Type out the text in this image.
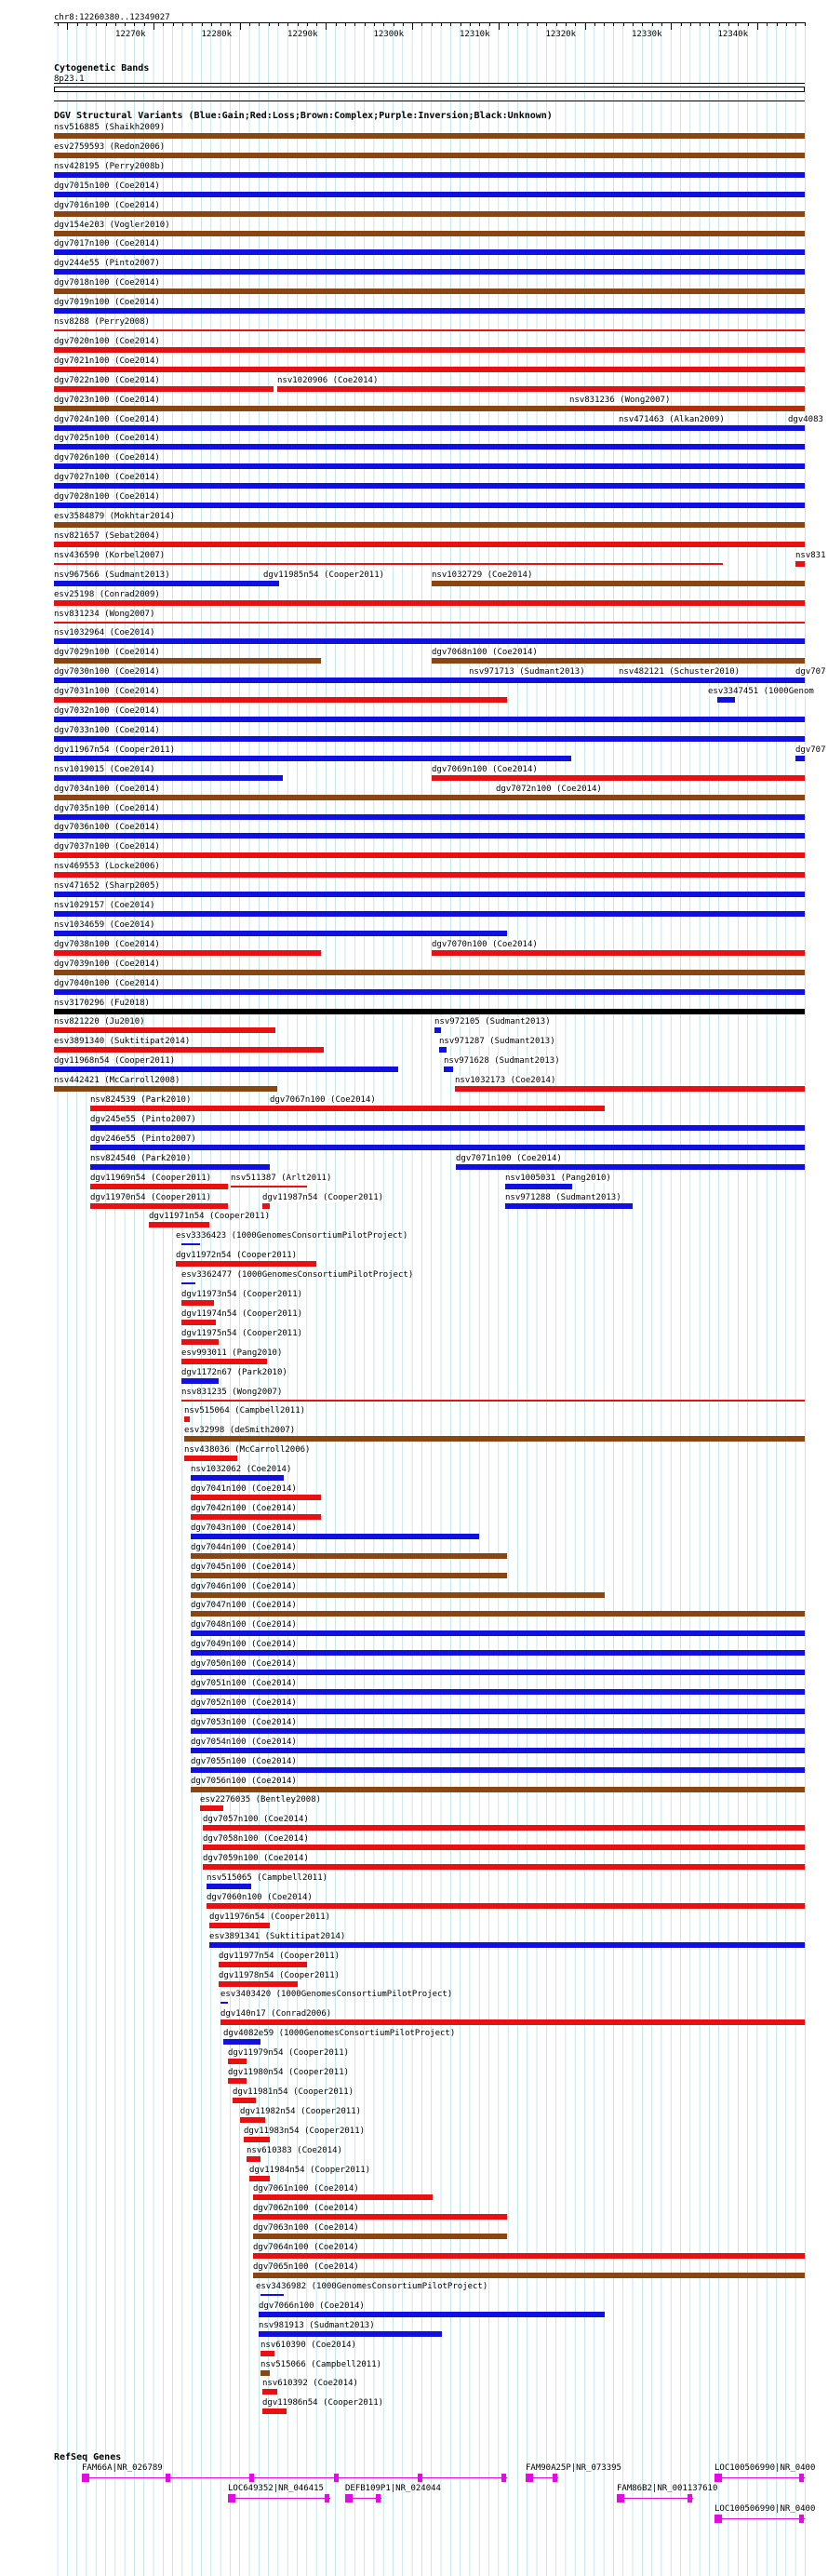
chr8:12260380..12349027
12270k	12280k	12290k	12300k	12310k	12320k	12330k	12340k
Cytogenetic Bands
8p23.1
DGV Structural Variants (Blue:Gain;Red:Loss;Brown:Complex;Purple:Inversion;Black:Unknown)
nsv516885 (Shaikh2009)
esv2759593 (Redon2006)
nsv428195 (Perry2008b)
dgv7015n100 (Coe2014)
dgv7016n100 (Coe2014)
dgv154e203 (Vogler2010)
dgv7017n100 (Coe2014)
dgv244e55 (Pinto2007)
dgv7018n100 (Coe2014)
dgv7019n100 (Coe2014)
nsv8288 (Perry2008)
dgv7020n100 (Coe2014)
dgv7021n100 (Coe2014)
dgv7022n100 (Coe2014)	nsv1020906 (Coe2014)
dgv7023n100 (Coe2014)	nsv831236 (Wong2007)
dgv7024n100 (Coe2014)	nsv471463 (Alkan2009)	dgv4083
dgv7025n100 (Coe2014)
dgv7026n100 (Coe2014)
dgv7027n100 (Coe2014)
dgv7028n100 (Coe2014)
esv3584879 (Mokhtar2014)
nsv821657 (Sebat2004)
nsv436590 (Korbel2007)	nsv831
nsv967566 (Sudmant2013)	dgv11985n54 (Cooper2011)	nsv1032729 (Coe2014)
esv25198 (Conrad2009)
nsv831234 (Wong2007)
nsv1032964 (Coe2014)
dgv7029n100 (Coe2014)	dgv7068n100 (Coe2014)
dgv7030n100 (Coe2014)	nsv971713 (Sudmant2013)	nsv482121 (Schuster2010)	dgv707
dgv7031n100 (Coe2014)	esv3347451 (1000Genom
dgv7032n100 (Coe2014)
dgv7033n100 (Coe2014)
dgv11967n54 (Cooper2011)	dgv707
nsv1019015 (Coe2014)	dgv7069n100 (Coe2014)
dgv7034n100 (Coe2014)	dgv7072n100 (Coe2014)
dgv7035n100 (Coe2014)
dgv7036n100 (Coe2014)
dgv7037n100 (Coe2014)
nsv469553 (Locke2006)
nsv471652 (Sharp2005)
nsv1029157 (Coe2014)
nsv1034659 (Coe2014)
dgv7038n100 (Coe2014)	dgv7070n100 (Coe2014)
dgv7039n100 (Coe2014)
dgv7040n100 (Coe2014)
nsv3170296 (Fu2018)
nsv821220 (Ju2010)	nsv972105 (Sudmant2013)
esv3891340 (Suktitipat2014)	nsv971287 (Sudmant2013)
dgv11968n54 (Cooper2011)	nsv971628 (Sudmant2013)
nsv442421 (McCarroll2008)	nsv1032173 (Coe2014)
nsv824539 (Park2010)	dgv7067n100 (Coe2014)
dgv245e55 (Pinto2007)
dgv246e55 (Pinto2007)
nsv824540 (Park2010)	dgv7071n100 (Coe2014)
dgv11969n54 (Cooper2011) nsv511387 (Arlt2011)	nsv1005031 (Pang2010)
dgv11970n54 (Cooper2011)	dgv11987n54 (Cooper2011)	nsv971288 (Sudmant2013)
dgv11971n54 (Cooper2011)
esv3336423 (1000GenomesConsortiumPilotProject)
dgv11972n54 (Cooper2011)
esv3362477 (1000GenomesConsortiumPilotProject)
dgv11973n54 (Cooper2011)
dgv11974n54 (Cooper2011)
dgv11975n54 (Cooper2011)
esv993011 (Pang2010)
dgv1172n67 (Park2010)
nsv831235 (Wong2007)
nsv515064 (Campbell2011)
esv32998 (deSmith2007)
nsv438036 (McCarroll2006)
nsv1032062 (Coe2014)
dgv7041n100 (Coe2014)
dgv7042n100 (Coe2014)
dgv7043n100 (Coe2014)
dgv7044n100 (Coe2014)
dgv7045n100 (Coe2014)
dgv7046n100 (Coe2014)
dgv7047n100 (Coe2014)
dgv7048n100 (Coe2014)
dgv7049n100 (Coe2014)
dgv7050n100 (Coe2014)
dgv7051n100 (Coe2014)
dgv7052n100 (Coe2014)
dgv7053n100 (Coe2014)
dgv7054n100 (Coe2014)
dgv7055n100 (Coe2014)
dgv7056n100 (Coe2014)
esv2276035 (Bentley2008)
dgv7057n100 (Coe2014)
dgv7058n100 (Coe2014)
dgv7059n100 (Coe2014)
nsv515065 (Campbell2011)
dgv7060n100 (Coe2014)
dgv11976n54 (Cooper2011)
esv3891341 (Suktitipat2014)
dgv11977n54 (Cooper2011)
dgv11978n54 (Cooper2011)
esv3403420 (1000GenomesConsortiumPilotProject)
dgv140n17 (Conrad2006)
dgv4082e59 (1000GenomesConsortiumPilotProject)
dgv11979n54 (Cooper2011)
dgv11980n54 (Cooper2011)
dgv11981n54 (Cooper2011)
dgv11982n54 (Cooper2011)
dgv11983n54 (Cooper2011)
nsv610383 (Coe2014)
dgv11984n54 (Cooper2011)
dgv7061n100 (Coe2014)
dgv7062n100 (Coe2014)
dgv7063n100 (Coe2014)
dgv7064n100 (Coe2014)
dgv7065n100 (Coe2014)
esv3436982 (1000GenomesConsortiumPilotProject)
dgv7066n100 (Coe2014)
nsv981913 (Sudmant2013)
nsv610390 (Coe2014)
nsv515066 (Campbell2011)
nsv610392 (Coe2014)
dgv11986n54 (Cooper2011)
RefSeq Genes
FAM66A|NR_026789	FAM90A25P|NR_073395	LOC100506990|NR_0400
LOC649352|NR_046415	DEFB109P1|NR_024044	FAM86B2|NR_001137610
LOC100506990|NR_0400
